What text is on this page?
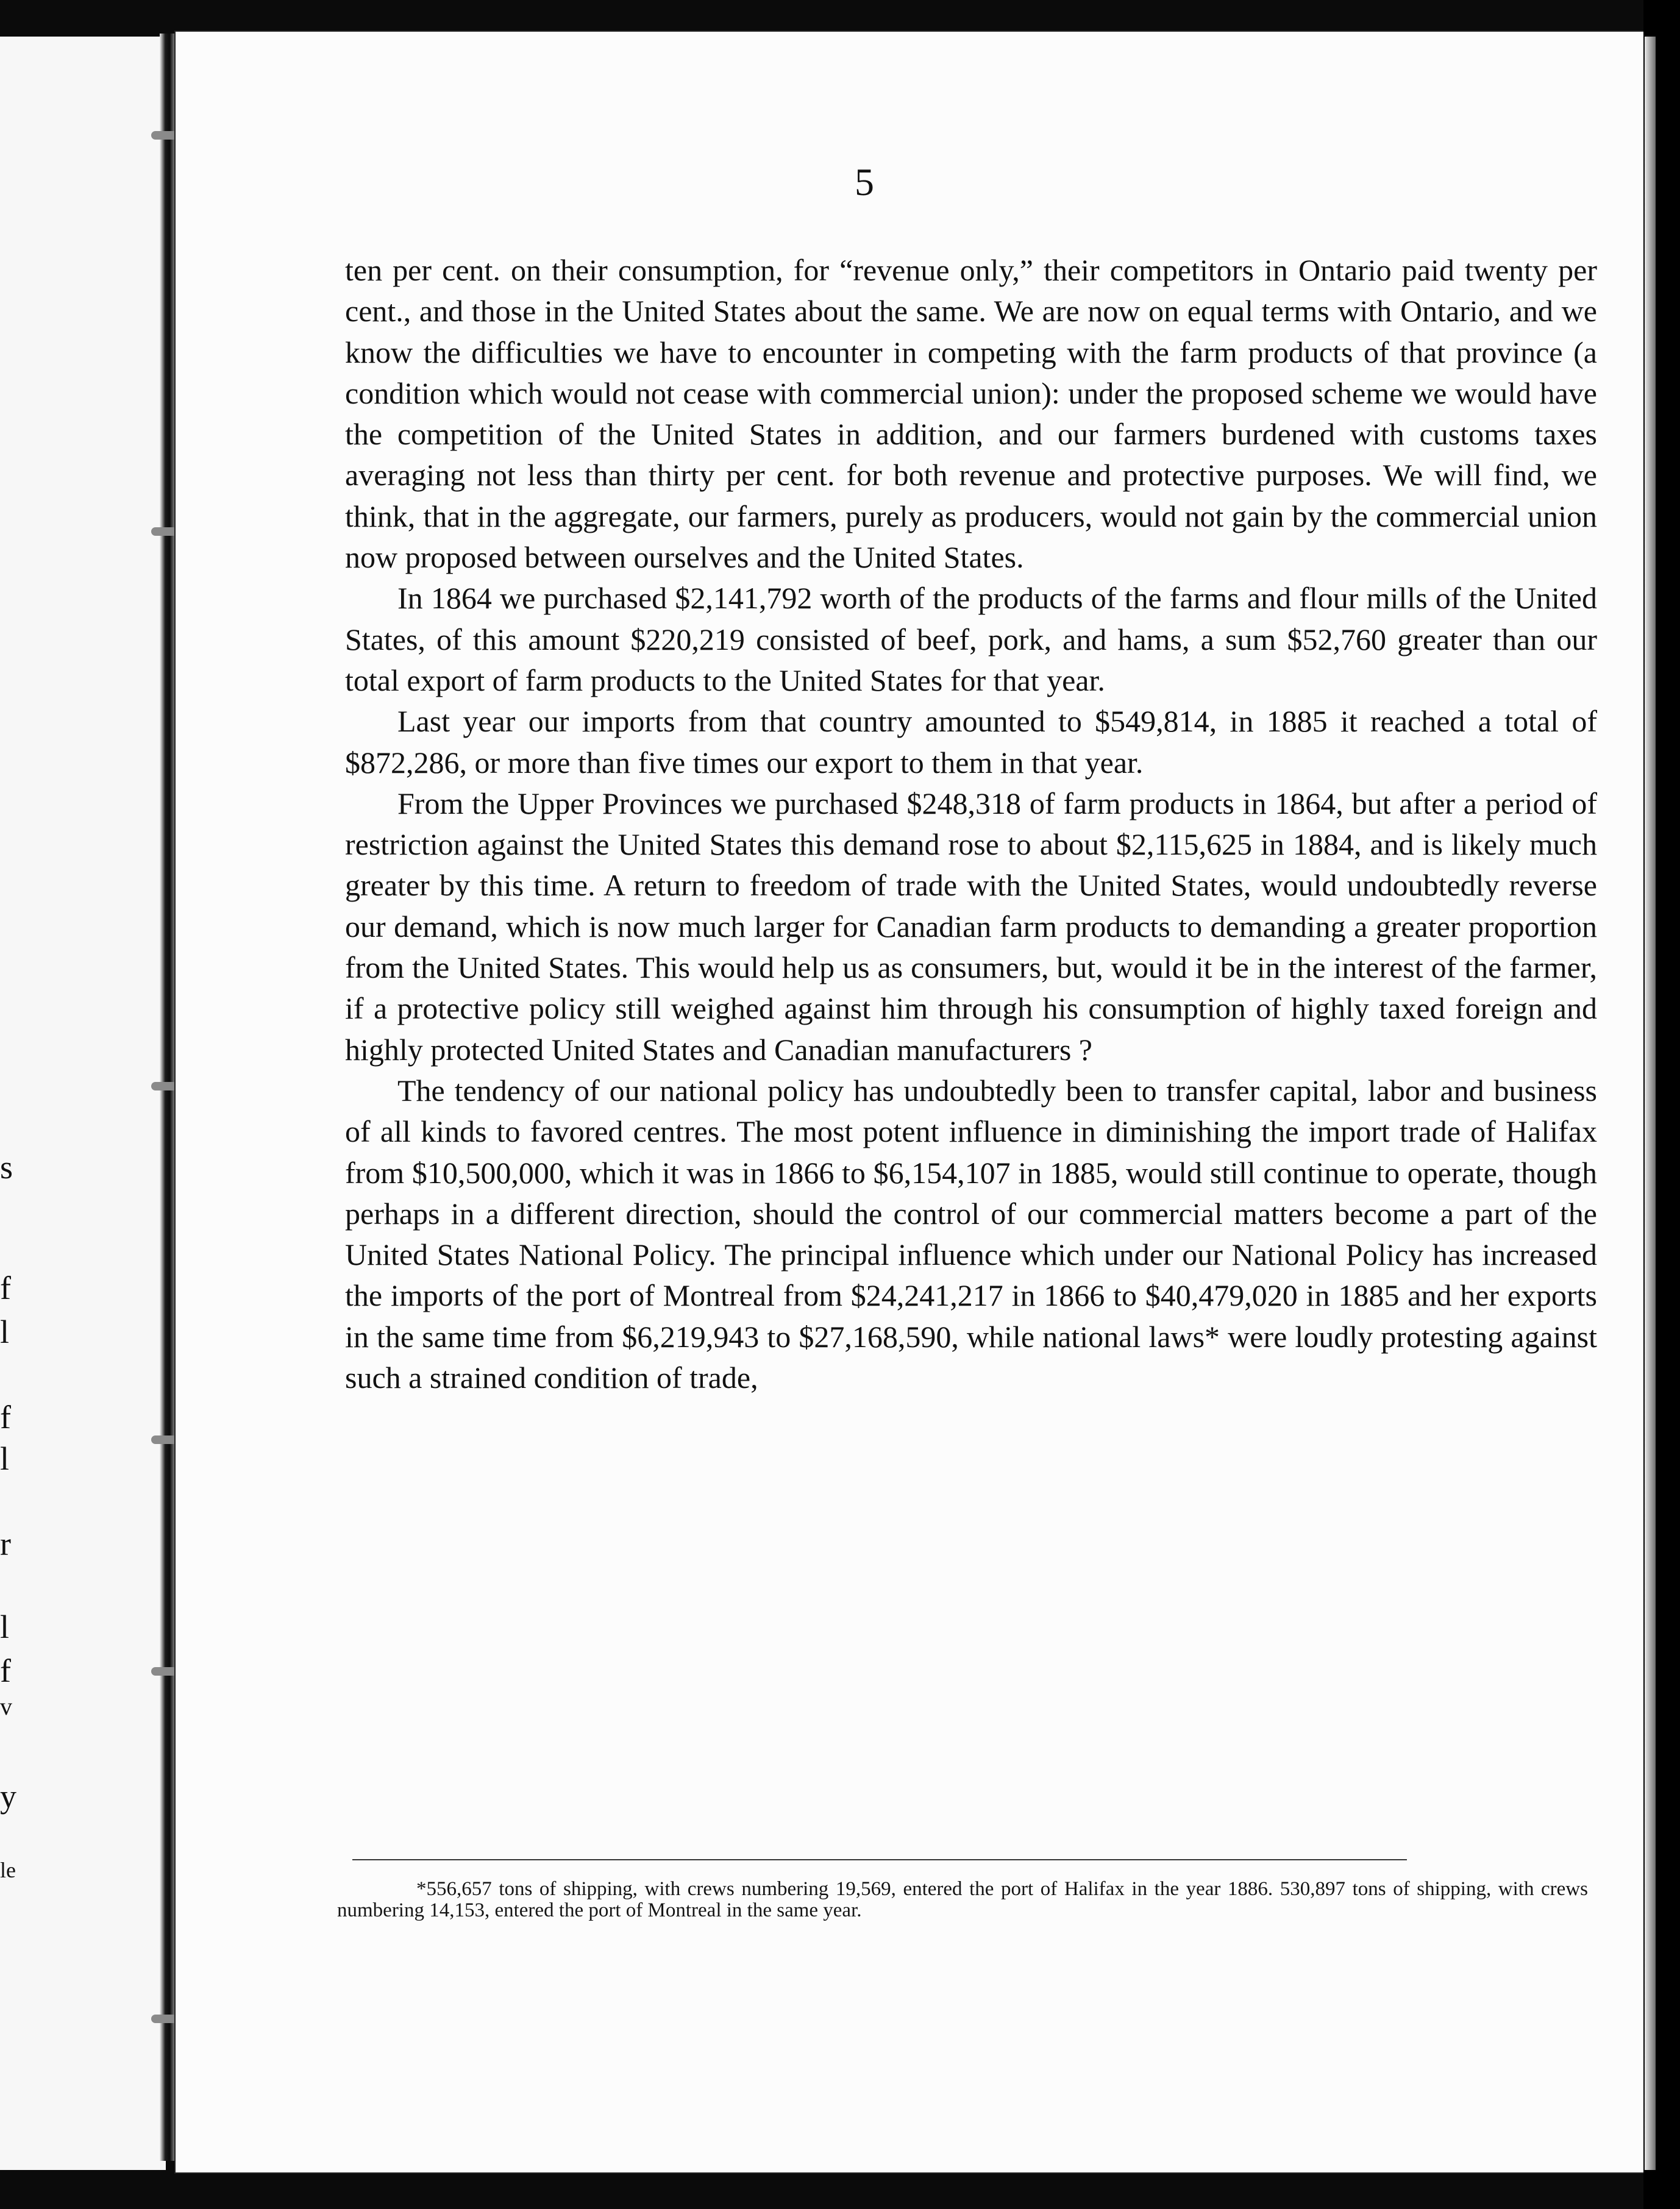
s
f
l
f
l
r
l
f
v
y
le
5

ten per cent. on their consumption, for “revenue only,” their competitors in Ontario paid twenty per cent., and those in the United States about the same. We are now on equal terms with Ontario, and we know the difficulties we have to encounter in competing with the farm products of that province (a condition which would not cease with commercial union): under the proposed scheme we would have the competition of the United States in addition, and our farmers burdened with customs taxes averaging not less than thirty per cent. for both revenue and protective purposes. We will find, we think, that in the aggregate, our farmers, purely as producers, would not gain by the commercial union now proposed between ourselves and the United States.

In 1864 we purchased $2,141,792 worth of the products of the farms and flour mills of the United States, of this amount $220,219 consisted of beef, pork, and hams, a sum $52,760 greater than our total export of farm products to the United States for that year.

Last year our imports from that country amounted to $549,814, in 1885 it reached a total of $872,286, or more than five times our export to them in that year.

From the Upper Provinces we purchased $248,318 of farm products in 1864, but after a period of restriction against the United States this demand rose to about $2,115,625 in 1884, and is likely much greater by this time. A return to freedom of trade with the United States, would undoubtedly reverse our demand, which is now much larger for Canadian farm products to demanding a greater proportion from the United States. This would help us as consumers, but, would it be in the interest of the farmer, if a protective policy still weighed against him through his consumption of highly taxed foreign and highly protected United States and Canadian manufacturers ?

The tendency of our national policy has undoubtedly been to transfer capital, labor and business of all kinds to favored centres. The most potent influence in diminishing the import trade of Halifax from $10,500,000, which it was in 1866 to $6,154,107 in 1885, would still continue to operate, though perhaps in a different direction, should the control of our commercial matters become a part of the United States National Policy. The principal influence which under our National Policy has increased the imports of the port of Montreal from $24,241,217 in 1866 to $40,479,020 in 1885 and her exports in the same time from $6,219,943 to $27,168,590, while national laws* were loudly protesting against such a strained condition of trade,

*556,657 tons of shipping, with crews numbering 19,569, entered the port of Halifax in the year 1886. 530,897 tons of shipping, with crews numbering 14,153, entered the port of Montreal in the same year.
